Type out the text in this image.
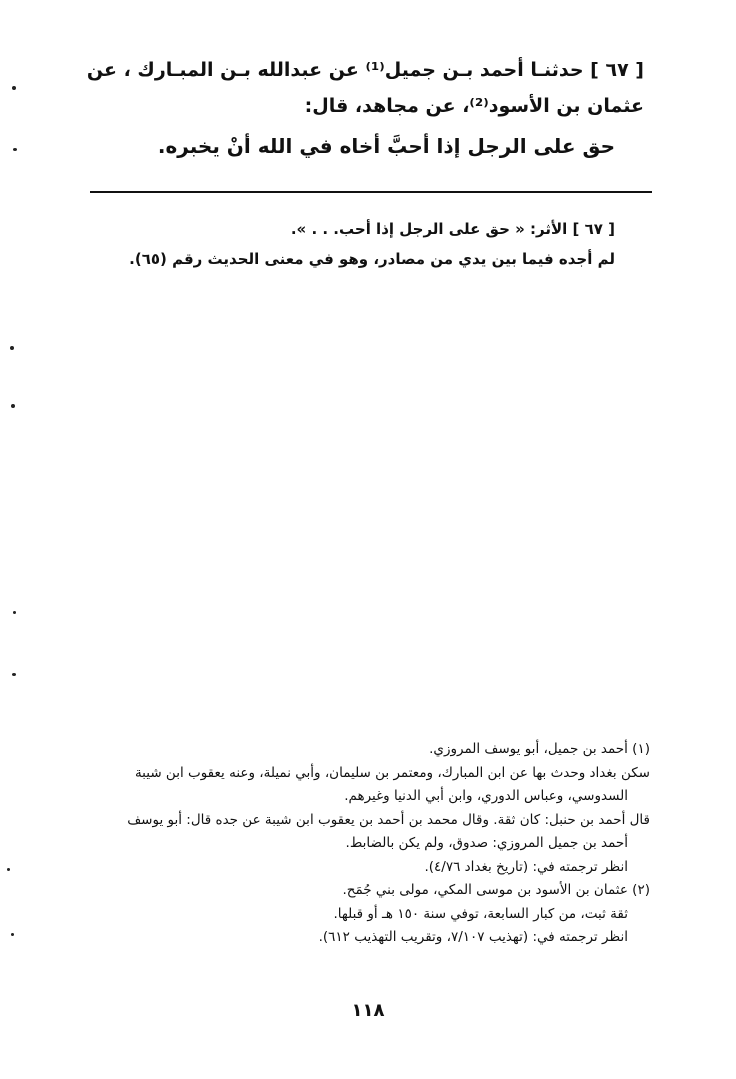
[ ٦٧ ] حدثنـا أحمد بـن جميل⁽¹⁾ عن عبدالله بـن المبـارك ، عن
عثمان بن الأسود⁽²⁾، عن مجاهد، قال:
حق على الرجل إذا أحبَّ أخاه في الله أنْ يخبره.
[ ٦٧ ] الأثر: « حق على الرجل إذا أحب. . . ».
لم أجده فيما بين يدي من مصادر، وهو في معنى الحديث رقم (٦٥).
(١) أحمد بن جميل، أبو يوسف المروزي.
سكن بغداد وحدث بها عن ابن المبارك، ومعتمر بن سليمان، وأبي نميلة، وعنه يعقوب ابن شيبة
السدوسي، وعباس الدوري، وابن أبي الدنيا وغيرهم.
قال أحمد بن حنبل: كان ثقة. وقال محمد بن أحمد بن يعقوب ابن شيبة عن جده قال: أبو يوسف
أحمد بن جميل المروزي: صدوق، ولم يكن بالضابط.
انظر ترجمته في: (تاريخ بغداد ٤/٧٦).
(٢) عثمان بن الأسود بن موسى المكي، مولى بني جُمَح.
ثقة ثبت، من كبار السابعة، توفي سنة ١٥٠ هـ أو قبلها.
انظر ترجمته في: (تهذيب ٧/١٠٧، وتقريب التهذيب ٦١٢).
١١٨
